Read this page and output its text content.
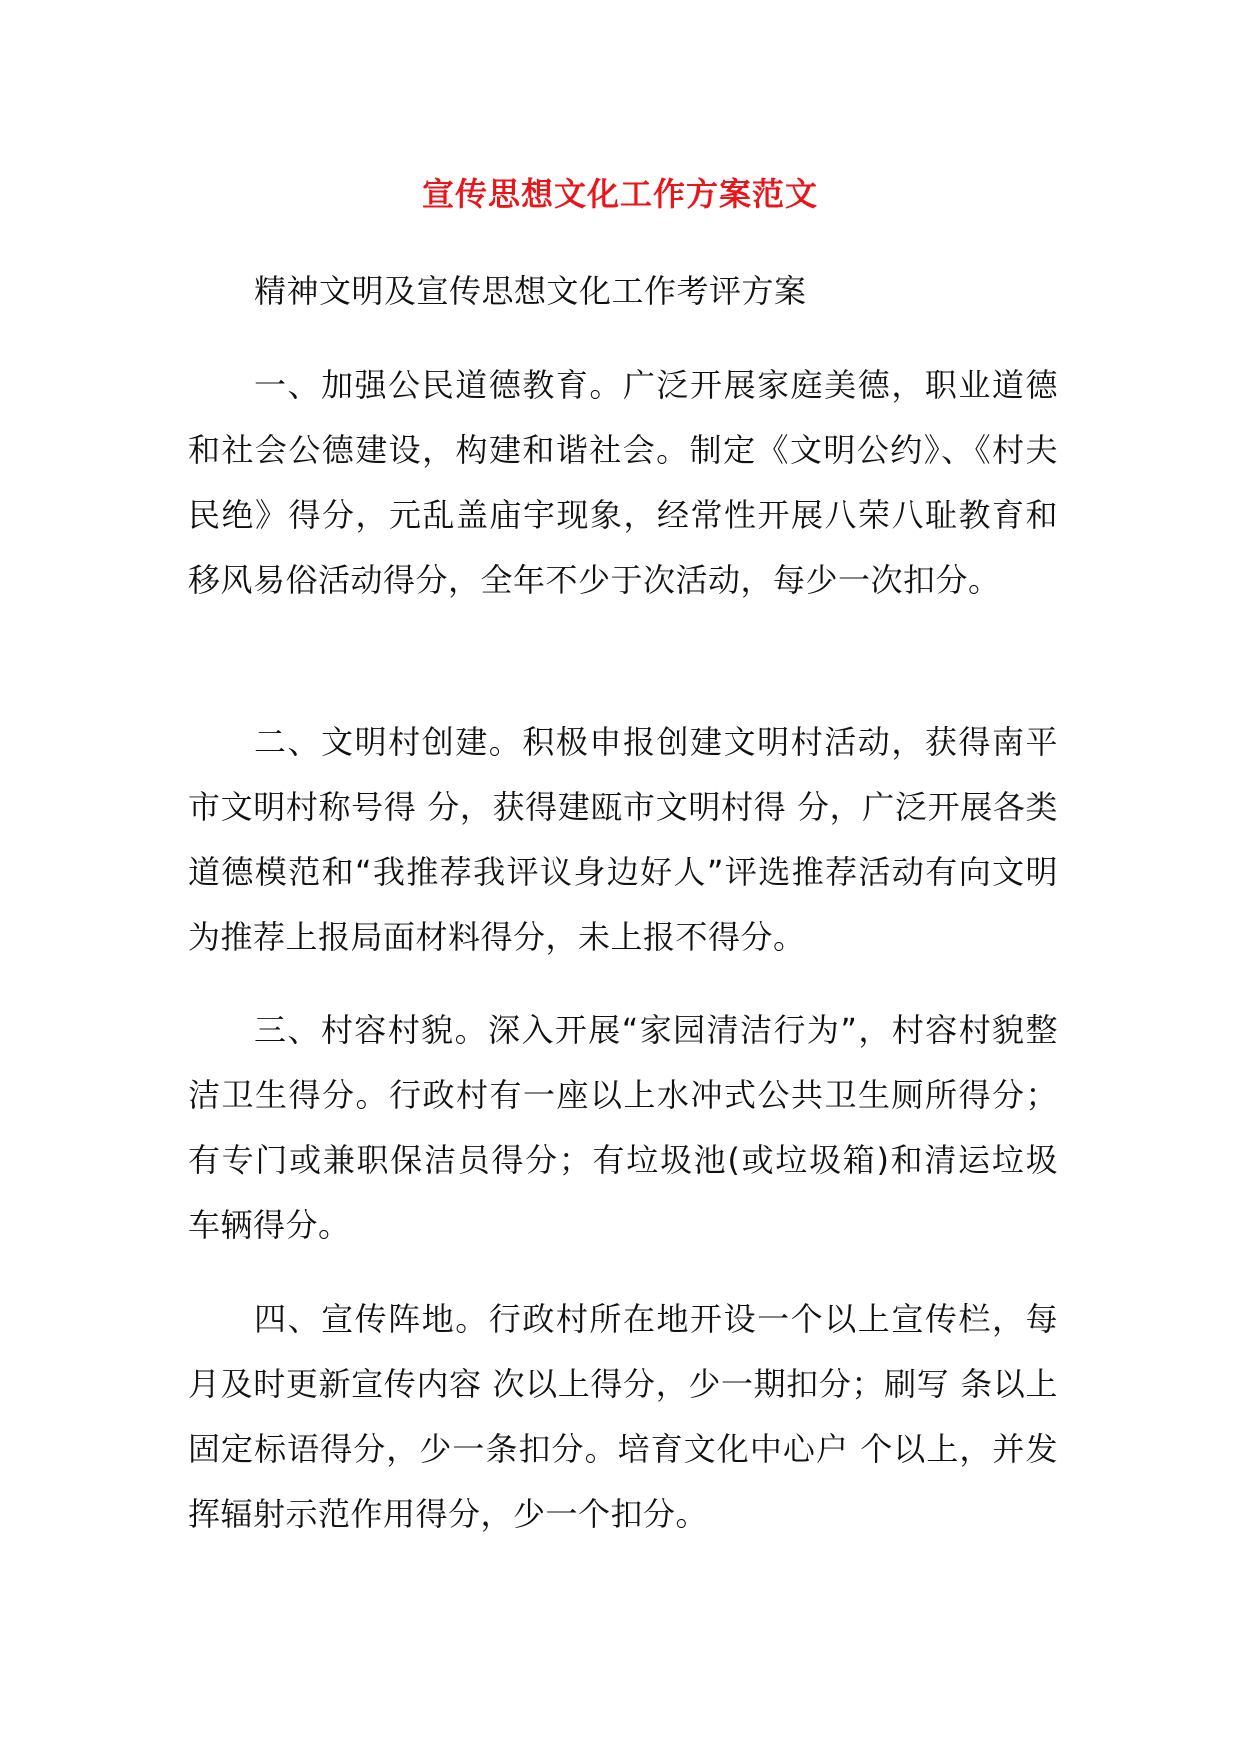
宣传思想文化工作方案范文

精神文明及宣传思想文化工作考评方案

一、加强公民道德教育。广泛开展家庭美德，职业道德和社会公德建设，构建和谐社会。制定《文明公约》、《村夫民绝》得分，元乱盖庙宇现象，经常性开展八荣八耻教育和移风易俗活动得分，全年不少于次活动，每少一次扣分。

二、文明村创建。积极申报创建文明村活动，获得南平市文明村称号得 分，获得建瓯市文明村得 分，广泛开展各类道德模范和“我推荐我评议身边好人”评选推荐活动有向文明为推荐上报局面材料得分，未上报不得分。

三、村容村貌。深入开展“家园清洁行为”，村容村貌整洁卫生得分。行政村有一座以上水冲式公共卫生厕所得分；有专门或兼职保洁员得分；有垃圾池(或垃圾箱)和清运垃圾车辆得分。

四、宣传阵地。行政村所在地开设一个以上宣传栏，每月及时更新宣传内容 次以上得分，少一期扣分；刷写 条以上固定标语得分，少一条扣分。培育文化中心户 个以上，并发挥辐射示范作用得分，少一个扣分。
